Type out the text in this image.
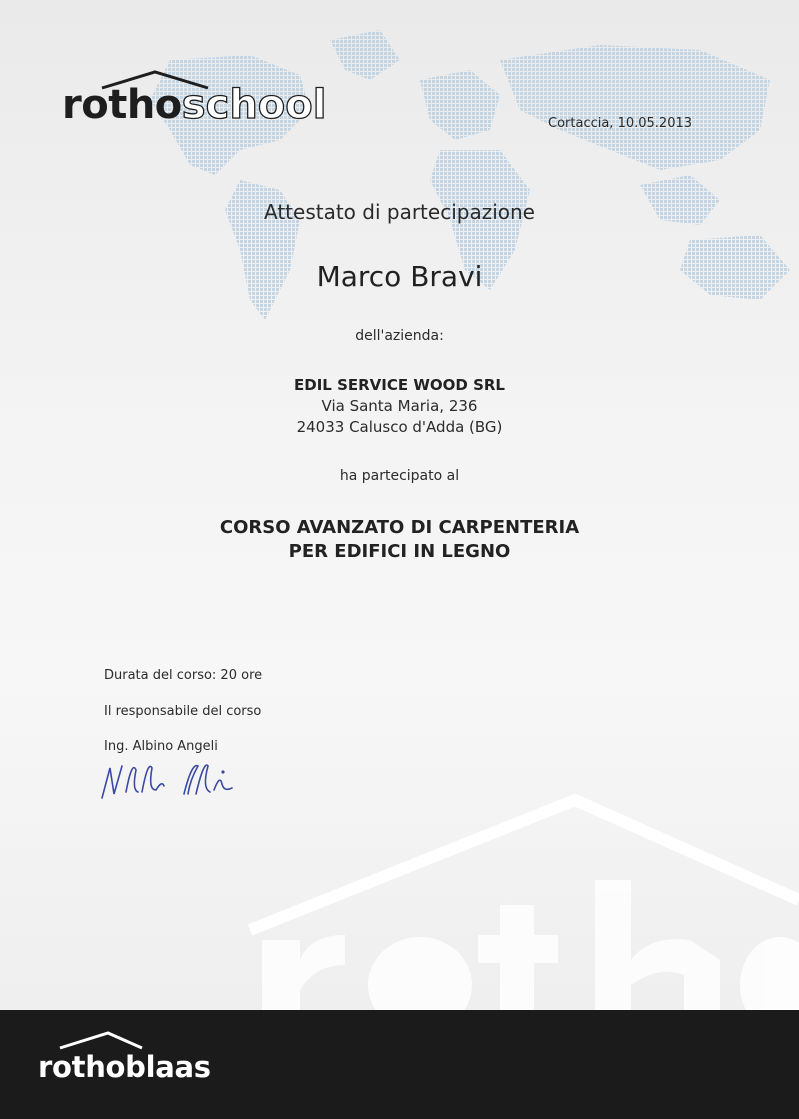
rothoschool	Cortaccia, 10.05.2013
Attestato di partecipazione
Marco Bravi
dell'azienda:
EDIL SERVICE WOOD SRL
Via Santa Maria, 236
24033 Calusco d'Adda (BG)
ha partecipato al
CORSO AVANZATO DI CARPENTERIA
PER EDIFICI IN LEGNO
Durata del corso: 20 ore
Il responsabile del corso
Ing. Albino Angeli
rothoblaas
